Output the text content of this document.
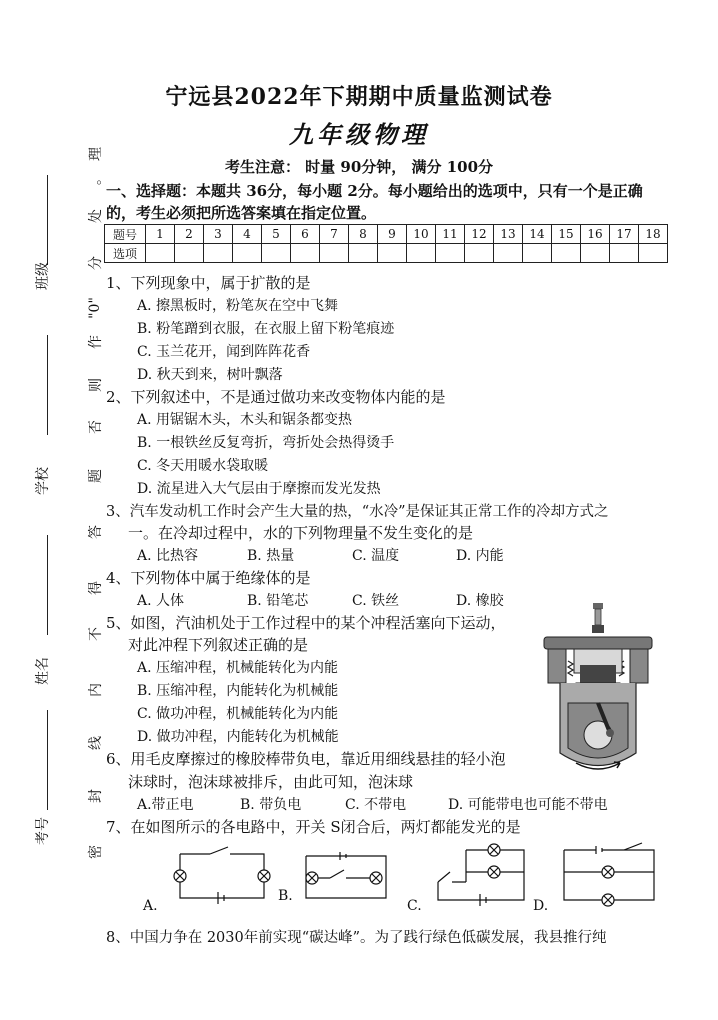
班级
学校
姓名
考号
理
。
处
分
"0"
作
则
否
题
答
得
不
内
线
封
密
宁远县2022年下期期中质量监测试卷
九年级物理
考生注意： 时量 90分钟， 满分 100分
一、选择题：本题共 36分，每小题 2分。每小题给出的选项中，只有一个是正确的，考生必须把所选答案填在指定位置。
题号	1	2	3	4	5	6	7	8	9	10	11	12	13	14	15	16	17	18
选项																		
1、下列现象中，属于扩散的是
A. 擦黑板时，粉笔灰在空中飞舞
B. 粉笔蹭到衣服，在衣服上留下粉笔痕迹
C. 玉兰花开，闻到阵阵花香
D. 秋天到来，树叶飘落
2、下列叙述中，不是通过做功来改变物体内能的是
A. 用锯锯木头，木头和锯条都变热
B. 一根铁丝反复弯折，弯折处会热得烫手
C. 冬天用暖水袋取暖
D. 流星进入大气层由于摩擦而发光发热
3、汽车发动机工作时会产生大量的热，“水冷”是保证其正常工作的冷却方式之
一。在冷却过程中，水的下列物理量不发生变化的是
A. 比热容	B. 热量	C. 温度	D. 内能
4、下列物体中属于绝缘体的是
A. 人体	B. 铅笔芯	C. 铁丝	D. 橡胶
5、如图，汽油机处于工作过程中的某个冲程活塞向下运动，
对此冲程下列叙述正确的是
A. 压缩冲程，机械能转化为内能
B. 压缩冲程，内能转化为机械能
C. 做功冲程，机械能转化为内能
D. 做功冲程，内能转化为机械能
6、用毛皮摩擦过的橡胶棒带负电，靠近用细线悬挂的轻小泡
沫球时，泡沫球被排斥，由此可知，泡沫球
A.带正电	B. 带负电	C. 不带电	D. 可能带电也可能不带电
7、在如图所示的各电路中，开关 S闭合后，两灯都能发光的是
A.
B.
C.	D.
8、中国力争在 2030年前实现“碳达峰”。为了践行绿色低碳发展，我县推行纯
